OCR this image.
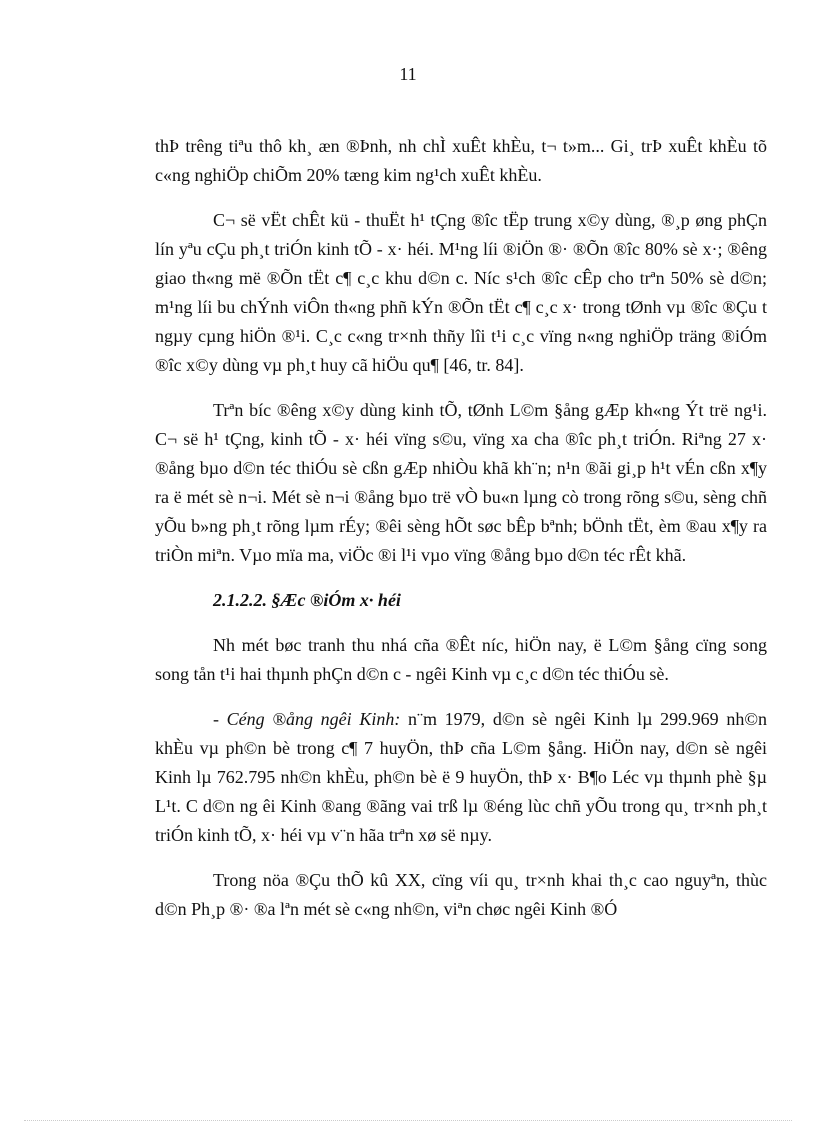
11

thÞ trêng tiªu thô kh¸ æn ®Þnh, nh chÌ xuÊt khÈu, t¬ t»m... Gi¸ trÞ xuÊt khÈu tõ c«ng nghiÖp chiÕm 20% tæng kim ng¹ch xuÊt khÈu.

C¬ së vËt chÊt kü - thuËt h¹ tÇng ®îc tËp trung x©y dùng, ®¸p øng phÇn lín yªu cÇu ph¸t triÓn kinh tÕ - x· héi. M¹ng líi ®iÖn ®· ®Õn ®îc 80% sè x·; ®êng giao th«ng më ®Õn tËt c¶ c¸c khu d©n c. Níc s¹ch ®îc cÊp cho trªn 50% sè d©n; m¹ng líi bu chÝnh viÔn th«ng phñ kÝn ®Õn tËt c¶ c¸c x· trong tØnh vµ ®îc ®Çu t ngµy cµng hiÖn ®¹i. C¸c c«ng tr×nh thñy lîi t¹i c¸c vïng n«ng nghiÖp träng ®iÓm ®îc x©y dùng vµ ph¸t huy cã hiÖu qu¶ [46, tr. 84].

Trªn bíc ®êng x©y dùng kinh tÕ, tØnh L©m §ång gÆp kh«ng Ýt trë ng¹i. C¬ së h¹ tÇng, kinh tÕ - x· héi vïng s©u, vïng xa cha ®îc ph¸t triÓn. Riªng 27 x· ®ång bµo d©n téc thiÓu sè cßn gÆp nhiÒu khã kh¨n; n¹n ®ãi gi¸p h¹t vÉn cßn x¶y ra ë mét sè n¬i. Mét sè n¬i ®ång bµo trë vÒ bu«n lµng cò trong rõng s©u, sèng chñ yÕu b»ng ph¸t rõng lµm rÉy; ®êi sèng hÕt søc bÊp bªnh; bÖnh tËt, èm ®au x¶y ra triÒn miªn. Vµo mïa ma, viÖc ®i l¹i vµo vïng ®ång bµo d©n téc rÊt khã.

2.1.2.2. §Æc ®iÓm x· héi

Nh mét bøc tranh thu nhá cña ®Êt níc, hiÖn nay, ë L©m §ång cïng song song tån t¹i hai thµnh phÇn d©n c - ngêi Kinh vµ c¸c d©n téc thiÓu sè.

- Céng ®ång ngêi Kinh: n¨m 1979, d©n sè ngêi Kinh lµ 299.969 nh©n khÈu vµ ph©n bè trong c¶ 7 huyÖn, thÞ cña L©m §ång. HiÖn nay, d©n sè ngêi Kinh lµ 762.795 nh©n khÈu, ph©n bè ë 9 huyÖn, thÞ x· B¶o Léc vµ thµnh phè §µ L¹t. C d©n ng êi Kinh ®ang ®ãng vai trß lµ ®éng lùc chñ yÕu trong qu¸ tr×nh ph¸t triÓn kinh tÕ, x· héi vµ v¨n hãa trªn xø së nµy.

Trong nöa ®Çu thÕ kû XX, cïng víi qu¸ tr×nh khai th¸c cao nguyªn, thùc d©n Ph¸p ®· ®a lªn mét sè c«ng nh©n, viªn chøc ngêi Kinh ®Ó
